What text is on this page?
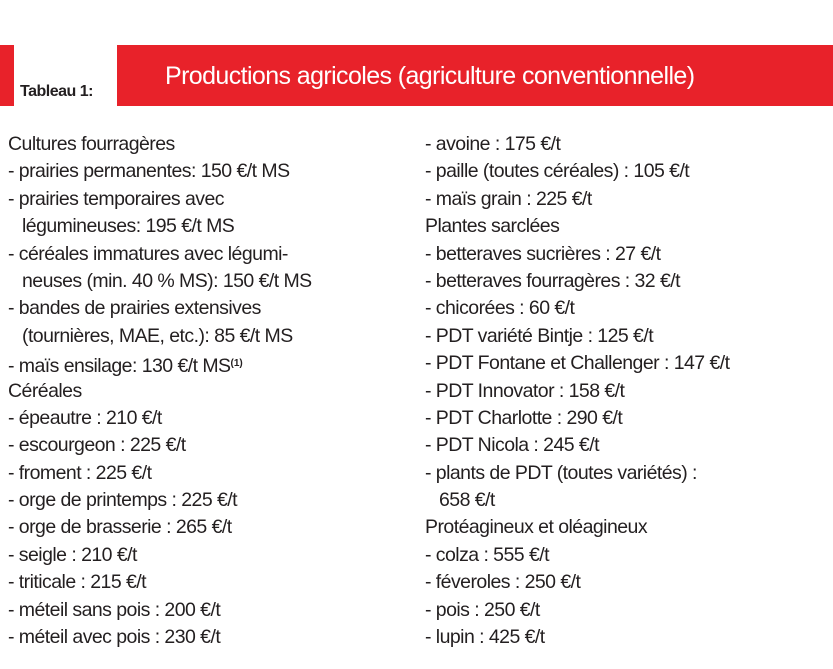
Productions agricoles (agriculture conventionnelle)
Tableau 1:
Cultures fourragères
- prairies permanentes: 150 €/t MS
- prairies temporaires avec
légumineuses: 195 €/t MS
- céréales immatures avec légumi-
neuses (min. 40 % MS): 150 €/t MS
- bandes de prairies extensives
(tournières, MAE, etc.): 85 €/t MS
- maïs ensilage: 130 €/t MS$^{(1)}$
Céréales
- épeautre : 210 €/t
- escourgeon : 225 €/t
- froment : 225 €/t
- orge de printemps : 225 €/t
- orge de brasserie : 265 €/t
- seigle : 210 €/t
- triticale : 215 €/t
- méteil sans pois : 200 €/t
- méteil avec pois : 230 €/t
- avoine : 175 €/t
- paille (toutes céréales) : 105 €/t
- maïs grain : 225 €/t
Plantes sarclées
- betteraves sucrières : 27 €/t
- betteraves fourragères : 32 €/t
- chicorées : 60 €/t
- PDT variété Bintje : 125 €/t
- PDT Fontane et Challenger : 147 €/t
- PDT Innovator : 158 €/t
- PDT Charlotte : 290 €/t
- PDT Nicola : 245 €/t
- plants de PDT (toutes variétés) :
658 €/t
Protéagineux et oléagineux
- colza : 555 €/t
- féveroles : 250 €/t
- pois : 250 €/t
- lupin : 425 €/t
